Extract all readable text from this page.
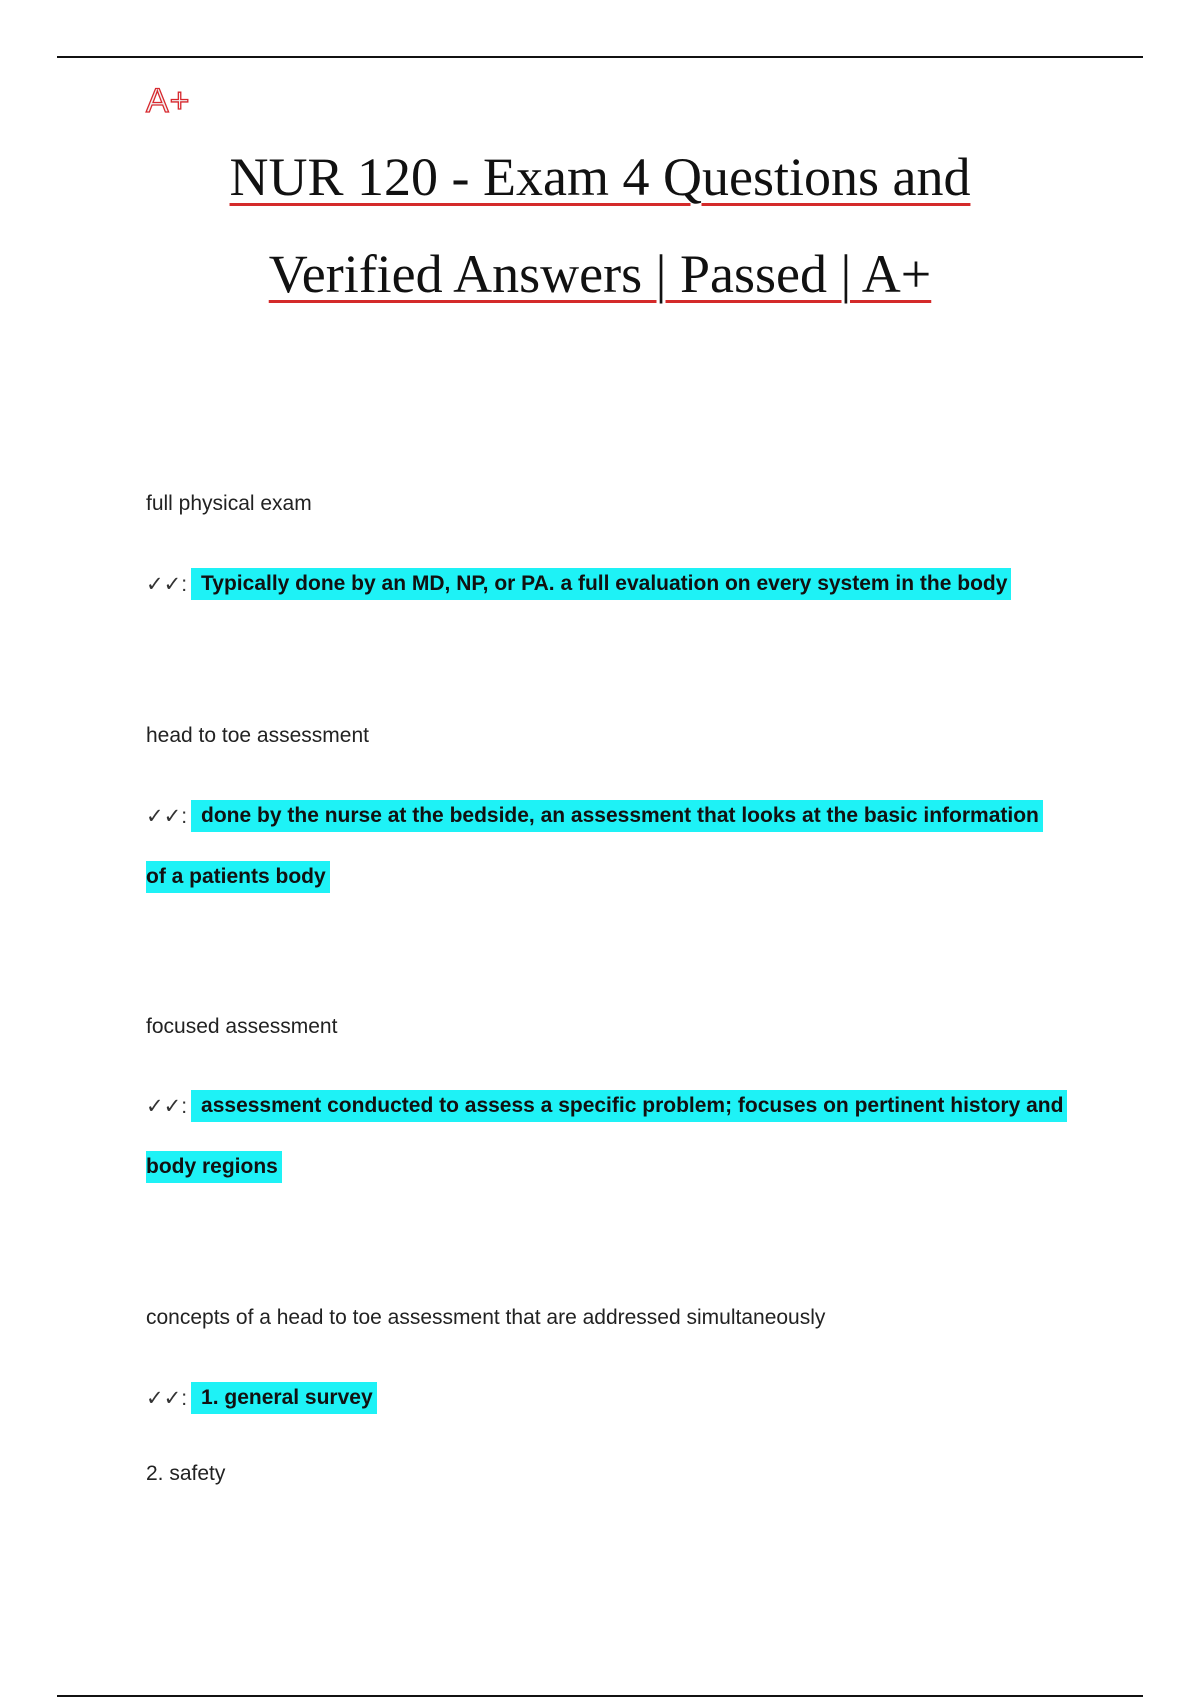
A+
NUR 120 - Exam 4 Questions and
Verified Answers | Passed | A+
full physical exam
✓✓: Typically done by an MD, NP, or PA. a full evaluation on every system in the body
head to toe assessment
✓✓: done by the nurse at the bedside, an assessment that looks at the basic information
of a patients body
focused assessment
✓✓: assessment conducted to assess a specific problem; focuses on pertinent history and
body regions
concepts of a head to toe assessment that are addressed simultaneously
✓✓: 1. general survey
2. safety
